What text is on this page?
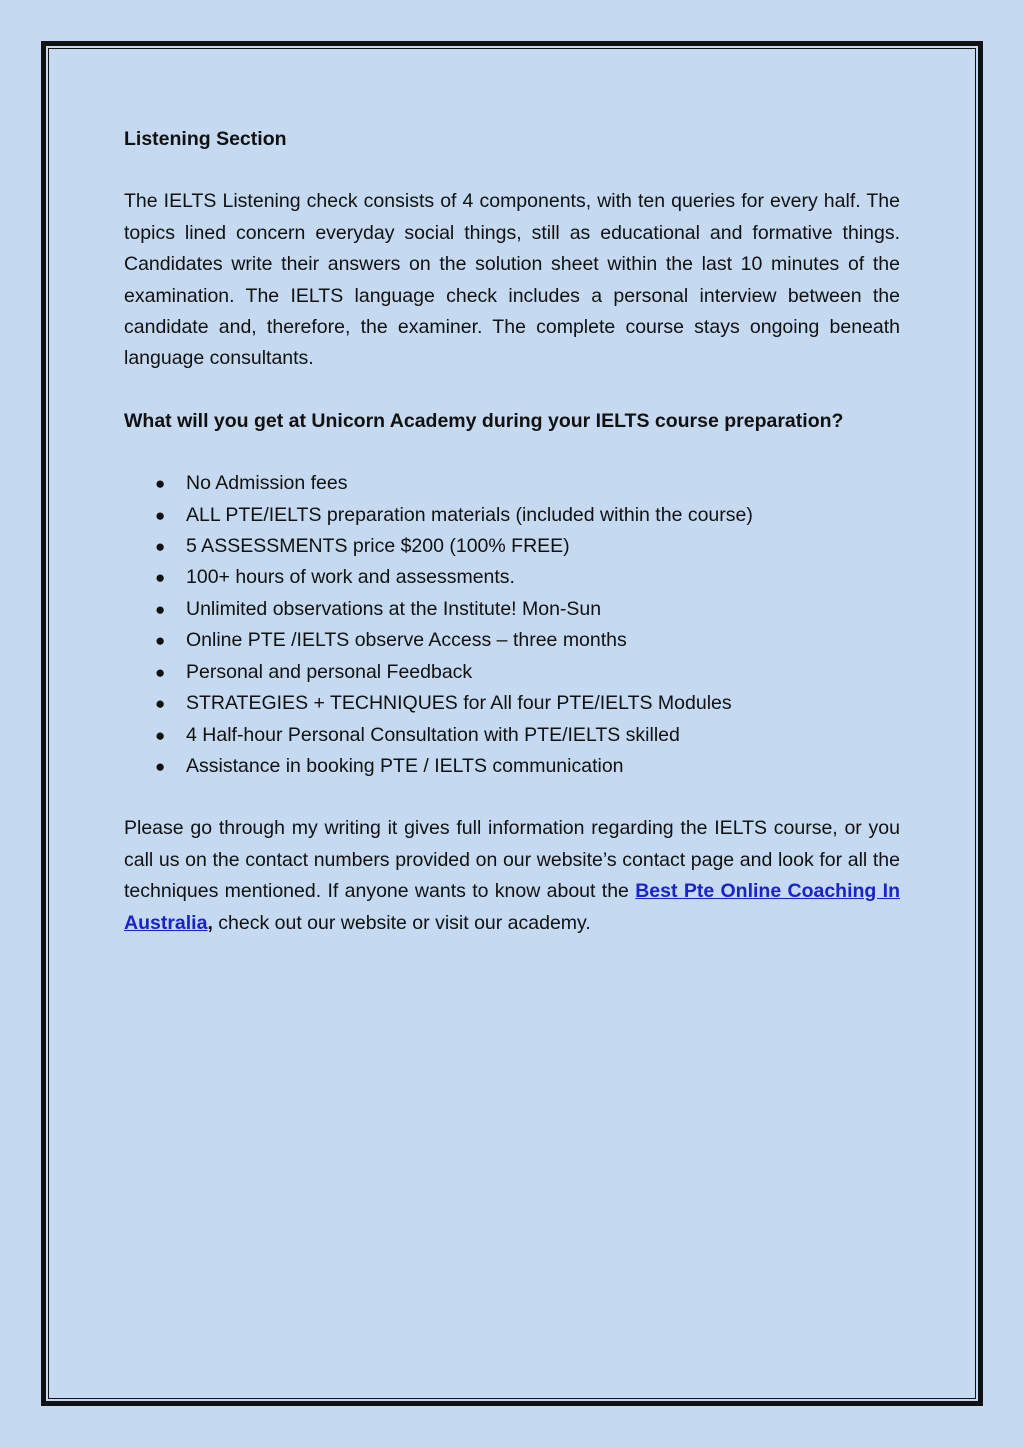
Listening Section

The IELTS Listening check consists of 4 components, with ten queries for every half. The topics lined concern everyday social things, still as educational and formative things. Candidates write their answers on the solution sheet within the last 10 minutes of the examination. The IELTS language check includes a personal interview between the candidate and, therefore, the examiner. The complete course stays ongoing beneath language consultants.

What will you get at Unicorn Academy during your IELTS course preparation?
● No Admission fees
● ALL PTE/IELTS preparation materials (included within the course)
● 5 ASSESSMENTS price $200 (100% FREE)
● 100+ hours of work and assessments.
● Unlimited observations at the Institute! Mon-Sun
● Online PTE /IELTS observe Access – three months
● Personal and personal Feedback
● STRATEGIES + TECHNIQUES for All four PTE/IELTS Modules
● 4 Half-hour Personal Consultation with PTE/IELTS skilled
● Assistance in booking PTE / IELTS communication

Please go through my writing it gives full information regarding the IELTS course, or you call us on the contact numbers provided on our website’s contact page and look for all the techniques mentioned. If anyone wants to know about the Best Pte Online Coaching In Australia, check out our website or visit our academy.
